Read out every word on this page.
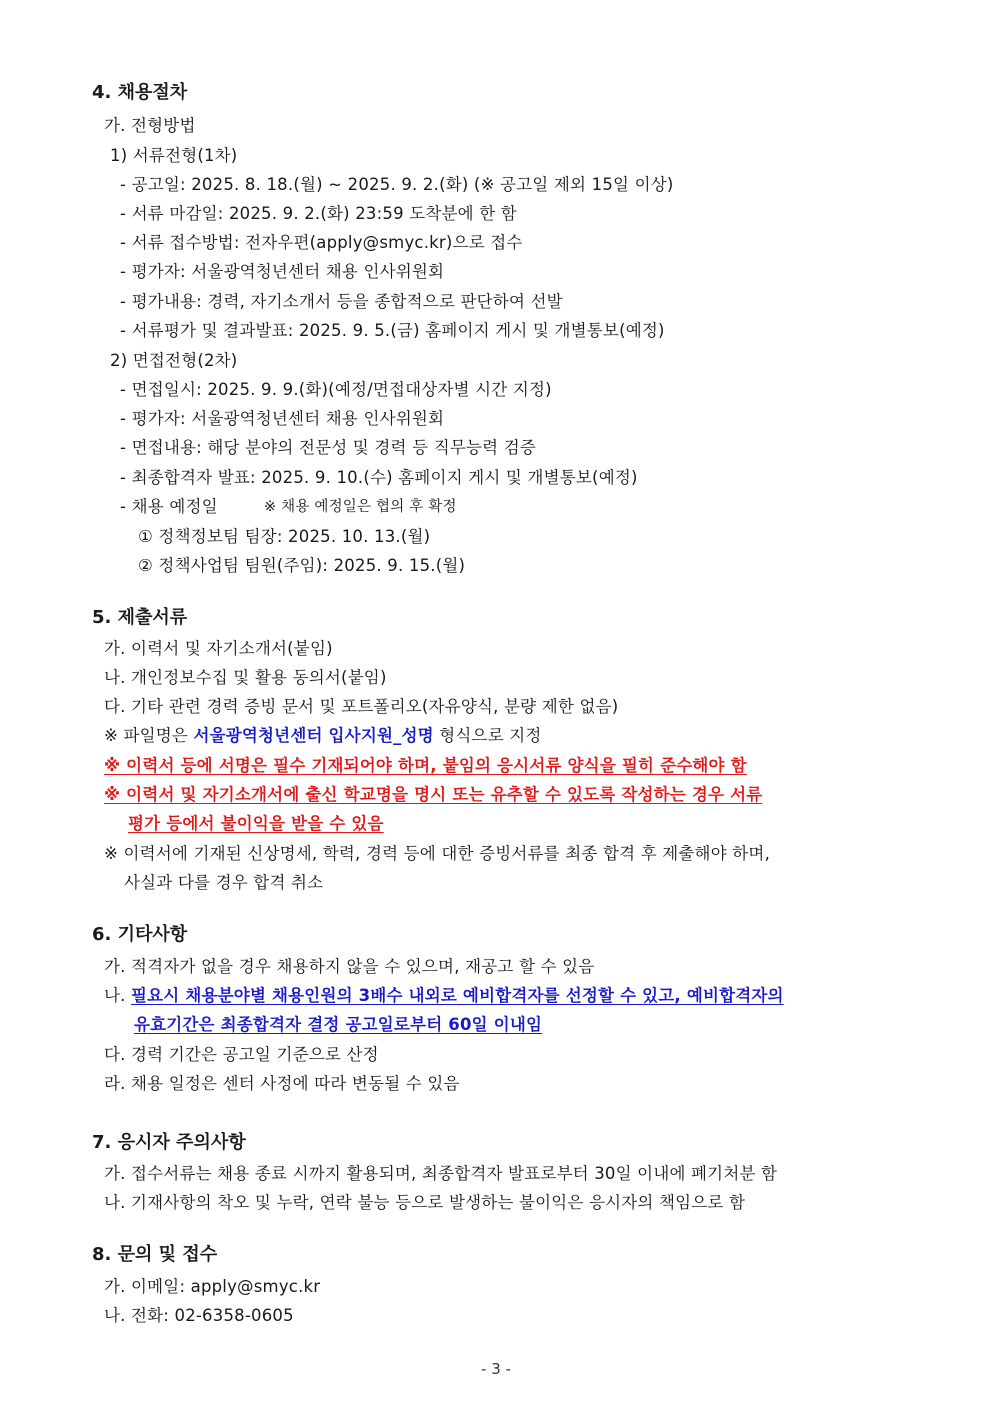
4. 채용절차
가. 전형방법
1) 서류전형(1차)
- 공고일: 2025. 8. 18.(월) ~ 2025. 9. 2.(화) (※ 공고일 제외 15일 이상)
- 서류 마감일: 2025. 9. 2.(화) 23:59 도착분에 한 함
- 서류 접수방법: 전자우편(apply@smyc.kr)으로 접수
- 평가자: 서울광역청년센터 채용 인사위원회
- 평가내용: 경력, 자기소개서 등을 종합적으로 판단하여 선발
- 서류평가 및 결과발표: 2025. 9. 5.(금) 홈페이지 게시 및 개별통보(예정)
2) 면접전형(2차)
- 면접일시: 2025. 9. 9.(화)(예정/면접대상자별 시간 지정)
- 평가자: 서울광역청년센터 채용 인사위원회
- 면접내용: 해당 분야의 전문성 및 경력 등 직무능력 검증
- 최종합격자 발표: 2025. 9. 10.(수) 홈페이지 게시 및 개별통보(예정)
- 채용 예정일	※ 채용 예정일은 협의 후 확정
① 정책정보팀 팀장: 2025. 10. 13.(월)
② 정책사업팀 팀원(주임): 2025. 9. 15.(월)
5. 제출서류
가. 이력서 및 자기소개서(붙임)
나. 개인정보수집 및 활용 동의서(붙임)
다. 기타 관련 경력 증빙 문서 및 포트폴리오(자유양식, 분량 제한 없음)
※ 파일명은 서울광역청년센터 입사지원_성명 형식으로 지정
※ 이력서 등에 서명은 필수 기재되어야 하며, 붙임의 응시서류 양식을 필히 준수해야 함
※ 이력서 및 자기소개서에 출신 학교명을 명시 또는 유추할 수 있도록 작성하는 경우 서류
평가 등에서 불이익을 받을 수 있음
※ 이력서에 기재된 신상명세, 학력, 경력 등에 대한 증빙서류를 최종 합격 후 제출해야 하며,
사실과 다를 경우 합격 취소
6. 기타사항
가. 적격자가 없을 경우 채용하지 않을 수 있으며, 재공고 할 수 있음
나. 필요시 채용분야별 채용인원의 3배수 내외로 예비합격자를 선정할 수 있고, 예비합격자의
유효기간은 최종합격자 결정 공고일로부터 60일 이내임
다. 경력 기간은 공고일 기준으로 산정
라. 채용 일정은 센터 사정에 따라 변동될 수 있음
7. 응시자 주의사항
가. 접수서류는 채용 종료 시까지 활용되며, 최종합격자 발표로부터 30일 이내에 폐기처분 함
나. 기재사항의 착오 및 누락, 연락 불능 등으로 발생하는 불이익은 응시자의 책임으로 함
8. 문의 및 접수
가. 이메일: apply@smyc.kr
나. 전화: 02-6358-0605
- 3 -
